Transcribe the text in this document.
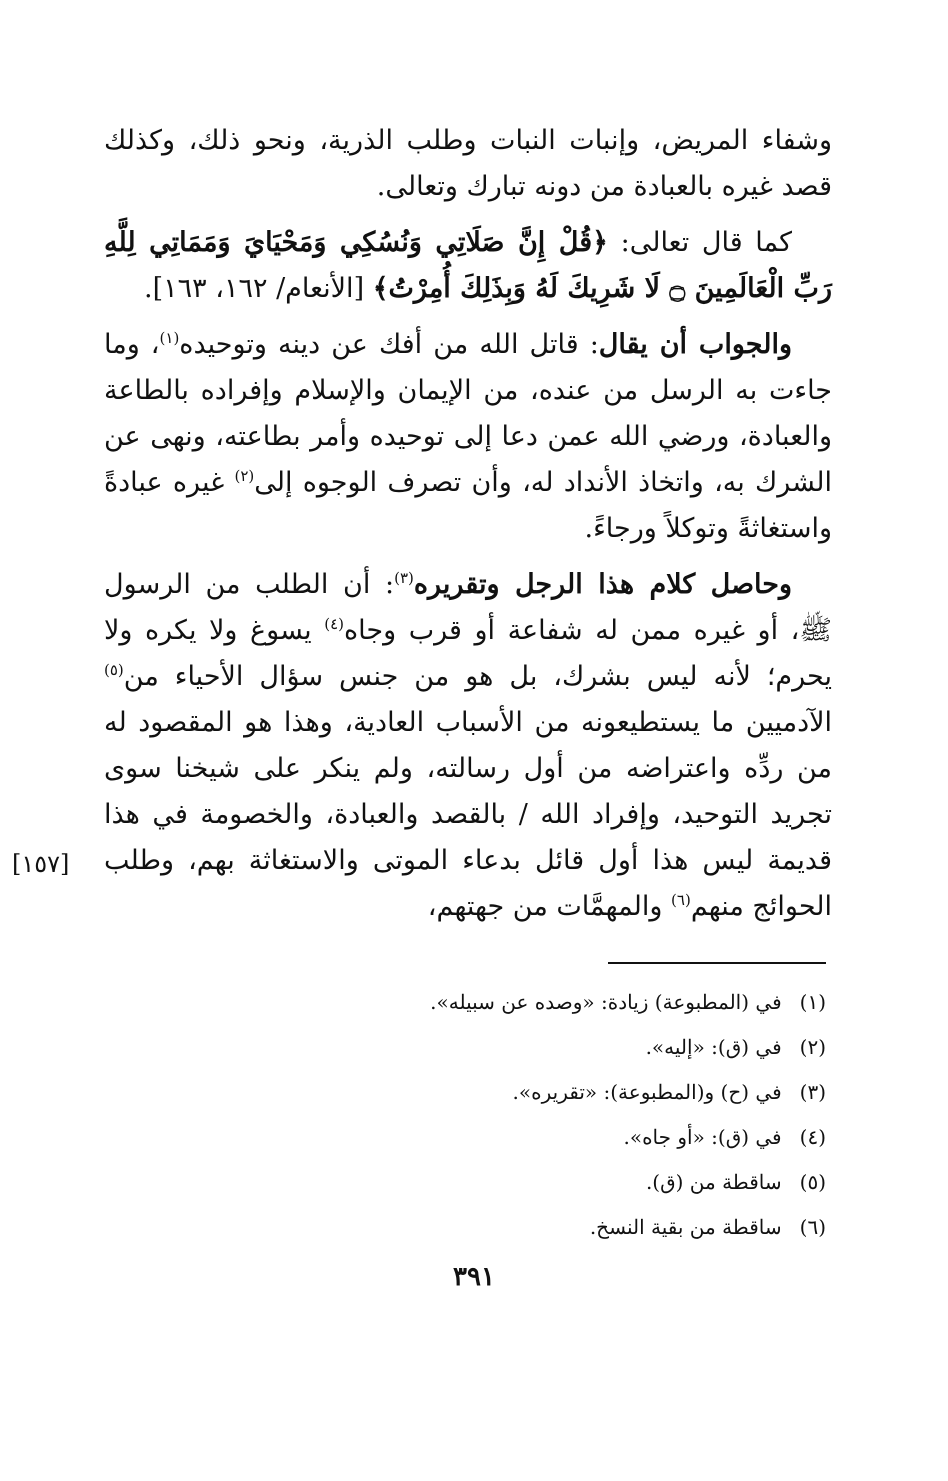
وشفاء المريض، وإنبات النبات وطلب الذرية، ونحو ذلك، وكذلك قصد غيره بالعبادة من دونه تبارك وتعالى.

كما قال تعالى: ﴿قُلْ إِنَّ صَلَاتِي وَنُسُكِي وَمَحْيَايَ وَمَمَاتِي لِلَّهِ رَبِّ الْعَالَمِينَ ۝ لَا شَرِيكَ لَهُ وَبِذَلِكَ أُمِرْتُ﴾ [الأنعام/ ١٦٢، ١٦٣].

والجواب أن يقال: قاتل الله من أفك عن دينه وتوحيده$^{(١)}$، وما جاءت به الرسل من عنده، من الإيمان والإسلام وإفراده بالطاعة والعبادة، ورضي الله عمن دعا إلى توحيده وأمر بطاعته، ونهى عن الشرك به، واتخاذ الأنداد له، وأن تصرف الوجوه إلى$^{(٢)}$ غيره عبادةً واستغاثةً وتوكلاً ورجاءً.

وحاصل كلام هذا الرجل وتقريره$^{(٣)}$: أن الطلب من الرسول ﷺ، أو غيره ممن له شفاعة أو قرب وجاه$^{(٤)}$ يسوغ ولا يكره ولا يحرم؛ لأنه ليس بشرك، بل هو من جنس سؤال الأحياء من$^{(٥)}$ الآدميين ما يستطيعونه من الأسباب العادية، وهذا هو المقصود له من ردِّه واعتراضه من أول رسالته، ولم ينكر على شيخنا سوى تجريد التوحيد، وإفراد الله / بالقصد والعبادة، والخصومة في هذا قديمة ليس هذا أول قائل بدعاء الموتى والاستغاثة بهم، وطلب الحوائج منهم$^{(٦)}$ والمهمَّات من جهتهم،

[١٥٧]
(١)في (المطبوعة) زيادة: «وصده عن سبيله».
(٢)في (ق): «إليه».
(٣)في (ح) و(المطبوعة): «تقريره».
(٤)في (ق): «أو جاه».
(٥)ساقطة من (ق).
(٦)ساقطة من بقية النسخ.
٣٩١
